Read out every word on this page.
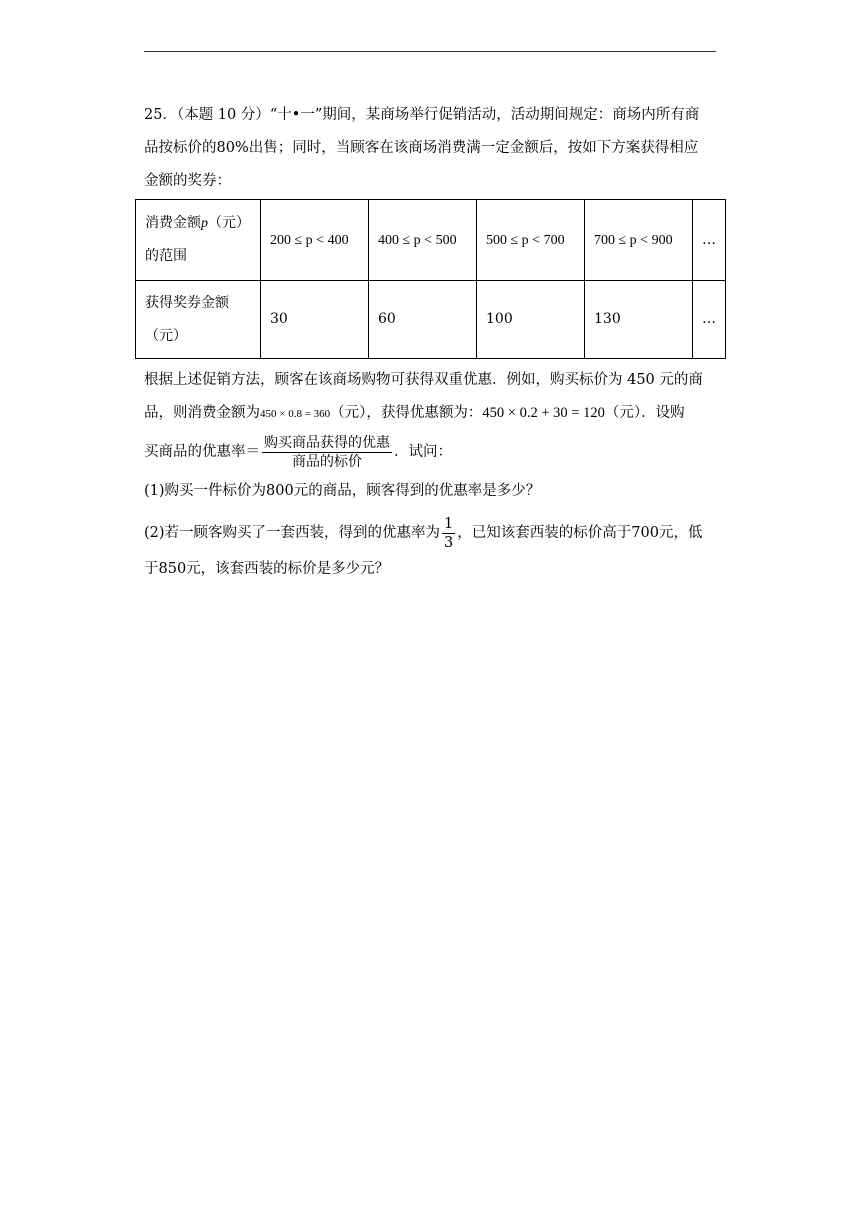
25．（本题 10 分）“十•一”期间，某商场举行促销活动，活动期间规定：商场内所有商
品按标价的80%出售；同时，当顾客在该商场消费满一定金额后，按如下方案获得相应
金额的奖券：
消费金额p（元）
的范围	200 ≤ p < 400	400 ≤ p < 500	500 ≤ p < 700	700 ≤ p < 900	…

获得奖券金额
（元）	30	60	100	130	…
根据上述促销方法，顾客在该商场购物可获得双重优惠．例如，购买标价为 450 元的商
品，则消费金额为450 × 0.8 = 360（元），获得优惠额为：450 × 0.2 + 30 = 120（元）．设购
买商品的优惠率＝ $\frac{\text{购买商品获得的优惠}}{\text{商品的标价}}$ ．试问：
(1)购买一件标价为800元的商品，顾客得到的优惠率是多少？
(2)若一顾客购买了一套西装，得到的优惠率为 $\frac{1}{3}$ ，已知该套西装的标价高于700元，低
于850元，该套西装的标价是多少元？
